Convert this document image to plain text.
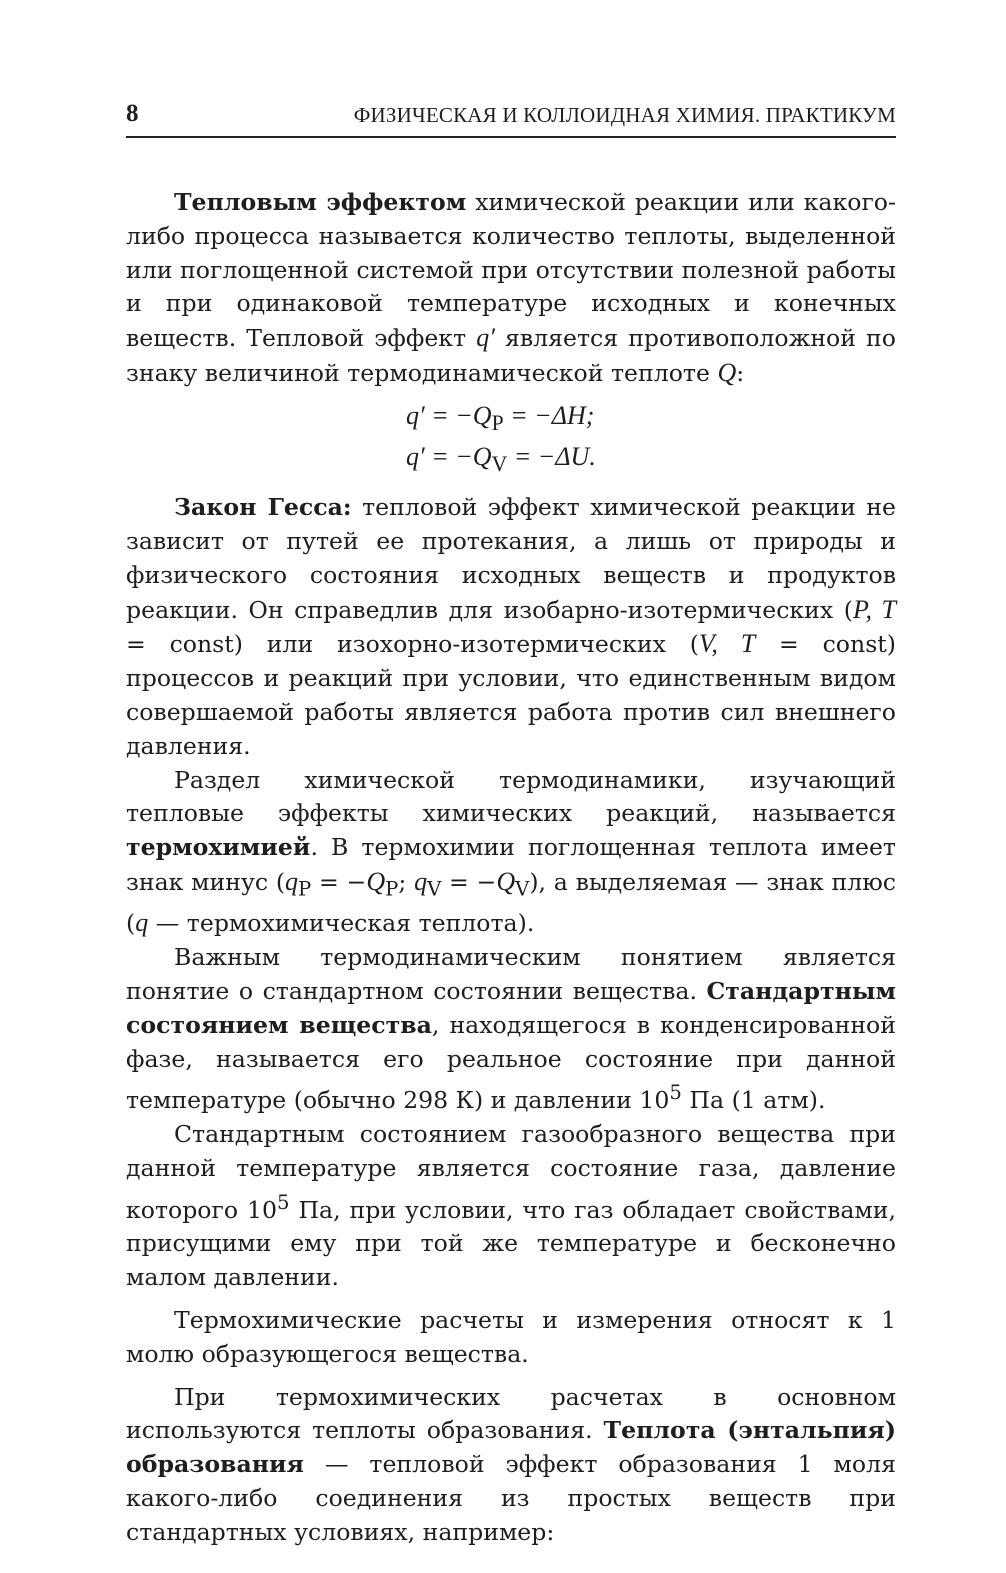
8	ФИЗИЧЕСКАЯ И КОЛЛОИДНАЯ ХИМИЯ. ПРАКТИКУМ

Тепловым эффектом химической реакции или какого-либо процесса называется количество теплоты, выделенной или поглощенной системой при отсутствии полезной работы и при одинаковой температуре исходных и конечных веществ. Тепловой эффект q′ является противоположной по знаку величиной термодинамической теплоте Q:

$q' = -Q_P = -\Delta H$;
$q' = -Q_V = -\Delta U$.

Закон Гесса: тепловой эффект химической реакции не зависит от путей ее протекания, а лишь от природы и физического состояния исходных веществ и продуктов реакции. Он справедлив для изобарно-изотермических (P, T = const) или изохорно-изотермических (V, T = const) процессов и реакций при условии, что единственным видом совершаемой работы является работа против сил внешнего давления.

Раздел химической термодинамики, изучающий тепловые эффекты химических реакций, называется термохимией. В термохимии поглощенная теплота имеет знак минус ($q_P = -Q_P$; $q_V = -Q_V$), а выделяемая — знак плюс (q — термохимическая теплота).

Важным термодинамическим понятием является понятие о стандартном состоянии вещества. Стандартным состоянием вещества, находящегося в конденсированной фазе, называется его реальное состояние при данной температуре (обычно 298 К) и давлении $10^5$ Па (1 атм).

Стандартным состоянием газообразного вещества при данной температуре является состояние газа, давление которого $10^5$ Па, при условии, что газ обладает свойствами, присущими ему при той же температуре и бесконечно малом давлении.

Термохимические расчеты и измерения относят к 1 молю образующегося вещества.

При термохимических расчетах в основном используются теплоты образования. Теплота (энтальпия) образования — тепловой эффект образования 1 моля какого-либо соединения из простых веществ при стандартных условиях, например:
